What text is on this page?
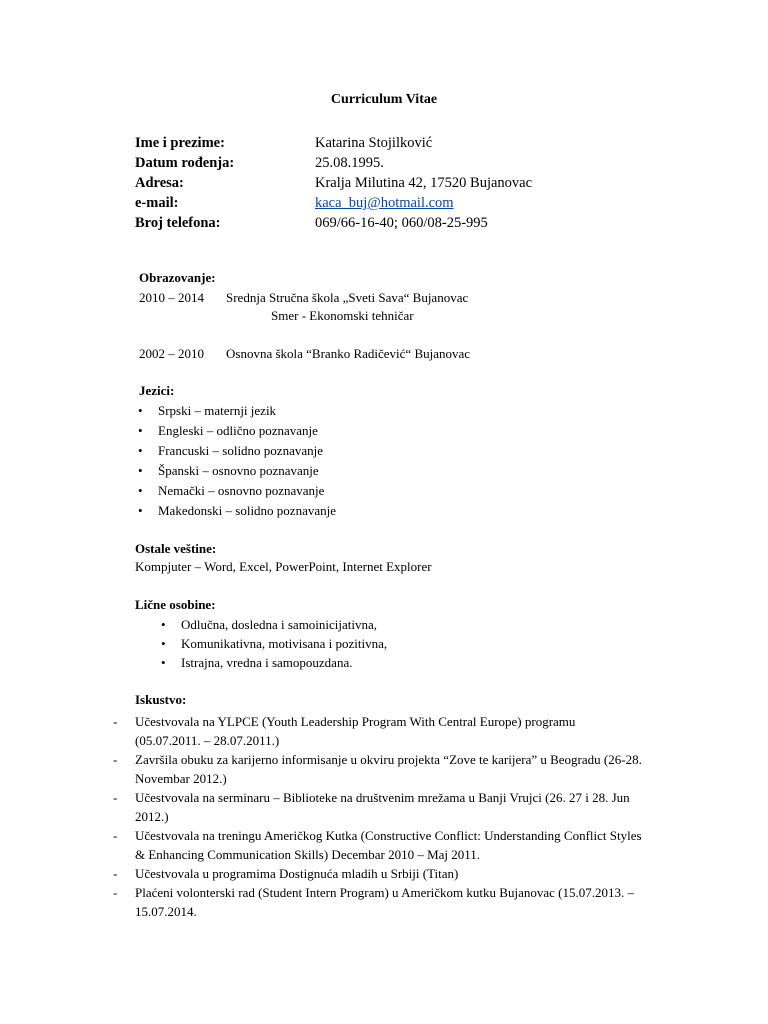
Curriculum Vitae
Ime i prezime:	Katarina Stojilković
Datum rođenja:	25.08.1995.
Adresa:	Kralja Milutina 42, 17520 Bujanovac
e-mail:	kaca_buj@hotmail.com
Broj telefona:	069/66-16-40; 060/08-25-995
Obrazovanje:
2010 – 2014 Srednja Stručna škola „Sveti Sava“ Bujanovac
Smer - Ekonomski tehničar
2002 – 2010 Osnovna škola “Branko Radičević“ Bujanovac
Jezici:
• Srpski – maternji jezik
• Engleski – odlično poznavanje
• Francuski – solidno poznavanje
• Španski – osnovno poznavanje
• Nemački – osnovno poznavanje
• Makedonski – solidno poznavanje
Ostale veštine:
Kompjuter – Word, Excel, PowerPoint, Internet Explorer
Lične osobine:
• Odlučna, dosledna i samoinicijativna,
• Komunikativna, motivisana i pozitivna,
• Istrajna, vredna i samopouzdana.
Iskustvo:
- Učestvovala na YLPCE (Youth Leadership Program With Central Europe) programu
(05.07.2011. – 28.07.2011.)
- Završila obuku za karijerno informisanje u okviru projekta “Zove te karijera” u Beogradu (26-28.
Novembar 2012.)
- Učestvovala na serminaru – Biblioteke na društvenim mrežama u Banji Vrujci (26. 27 i 28. Jun
2012.)
- Učestvovala na treningu Američkog Kutka (Constructive Conflict: Understanding Conflict Styles
& Enhancing Communication Skills) Decembar 2010 – Maj 2011.
- Učestvovala u programima Dostignuća mladih u Srbiji (Titan)
- Plaćeni volonterski rad (Student Intern Program) u Američkom kutku Bujanovac (15.07.2013. –
15.07.2014.
